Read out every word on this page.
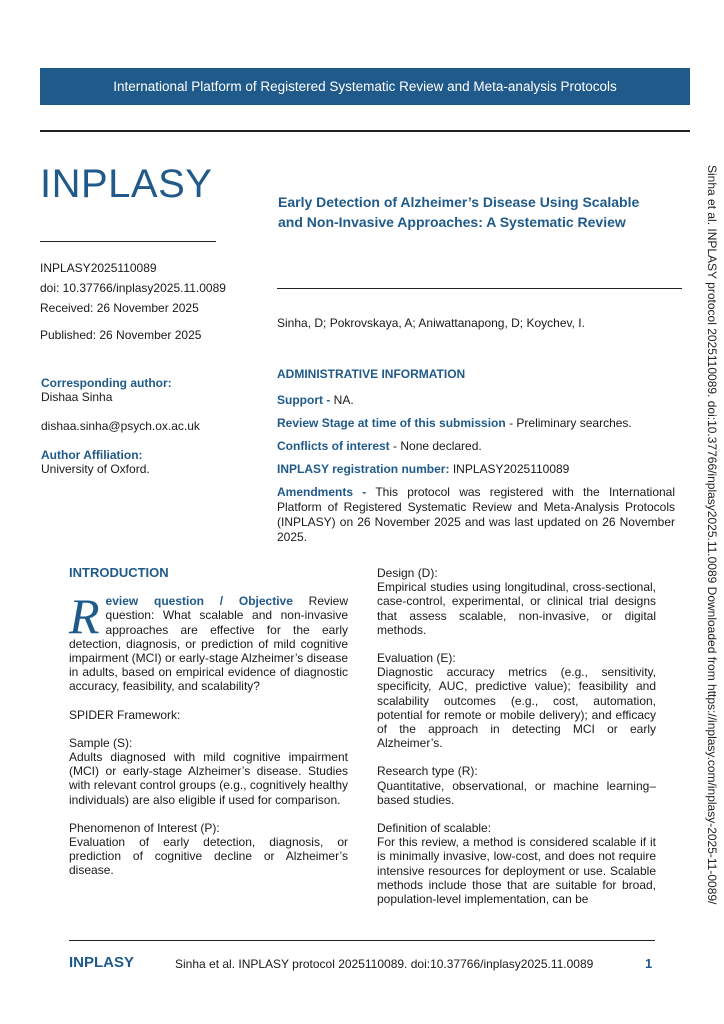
International Platform of Registered Systematic Review and Meta-analysis Protocols
INPLASY	Early Detection of Alzheimer’s Disease Using Scalable and Non-Invasive Approaches: A Systematic Review
INPLASY2025110089
doi: 10.37766/inplasy2025.11.0089
Received: 26 November 2025
Published: 26 November 2025
Sinha, D; Pokrovskaya, A; Aniwattanapong, D; Koychev, I.
Corresponding author:
Dishaa Sinha
dishaa.sinha@psych.ox.ac.uk
Author Affiliation:
University of Oxford.
ADMINISTRATIVE INFORMATION
Support - NA.
Review Stage at time of this submission - Preliminary searches.
Conflicts of interest - None declared.
INPLASY registration number: INPLASY2025110089
Amendments - This protocol was registered with the International Platform of Registered Systematic Review and Meta-Analysis Protocols (INPLASY) on 26 November 2025 and was last updated on 26 November 2025.
INTRODUCTION
Review question / Objective Review question: What scalable and non-invasive approaches are effective for the early detection, diagnosis, or prediction of mild cognitive impairment (MCI) or early-stage Alzheimer’s disease in adults, based on empirical evidence of diagnostic accuracy, feasibility, and scalability?
SPIDER Framework:
Sample (S):
Adults diagnosed with mild cognitive impairment (MCI) or early-stage Alzheimer’s disease. Studies with relevant control groups (e.g., cognitively healthy individuals) are also eligible if used for comparison.
Phenomenon of Interest (P):
Evaluation of early detection, diagnosis, or prediction of cognitive decline or Alzheimer’s disease.
Design (D):
Empirical studies using longitudinal, cross-sectional, case-control, experimental, or clinical trial designs that assess scalable, non-invasive, or digital methods.
Evaluation (E):
Diagnostic accuracy metrics (e.g., sensitivity, specificity, AUC, predictive value); feasibility and scalability outcomes (e.g., cost, automation, potential for remote or mobile delivery); and efficacy of the approach in detecting MCI or early Alzheimer’s.
Research type (R):
Quantitative, observational, or machine learning–based studies.
Definition of scalable:
For this review, a method is considered scalable if it is minimally invasive, low-cost, and does not require intensive resources for deployment or use. Scalable methods include those that are suitable for broad, population-level implementation, can be	Sinha et al. INPLASY protocol 2025110089. doi:10.37766/inplasy2025.11.0089 Downloaded from https://inplasy.com/inplasy-2025-11-0089/
INPLASY	Sinha et al. INPLASY protocol 2025110089. doi:10.37766/inplasy2025.11.0089	1
